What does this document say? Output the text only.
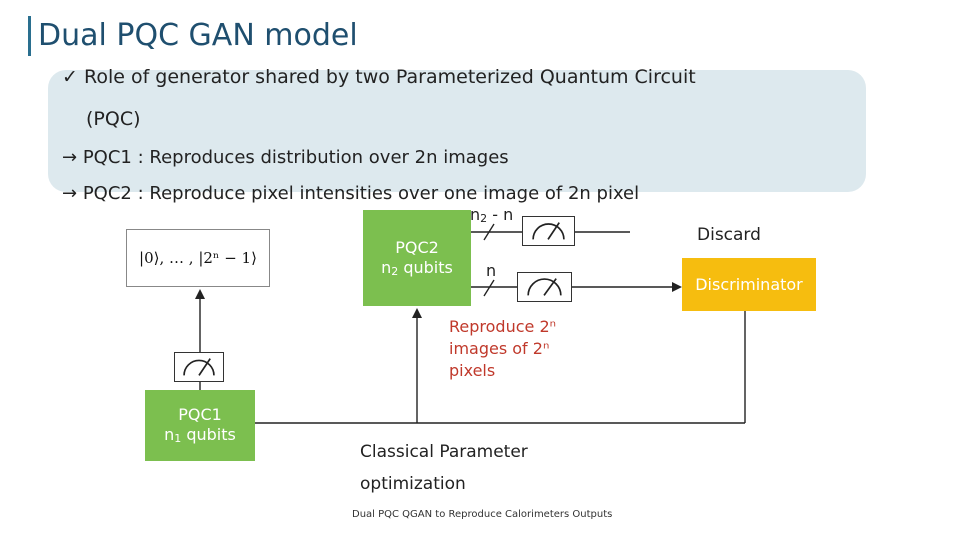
Dual PQC GAN model
✓ Role of generator shared by two Parameterized Quantum Circuit
(PQC)
→ PQC1 : Reproduces distribution over 2n images
→ PQC2 : Reproduce pixel intensities over one image of 2n pixel
|0⟩, … , |2ⁿ − 1⟩
PQC2
$n_2$ qubits
$n_2$ - n
n
Discard
Discriminator
Reproduce 2ⁿ
images of 2ⁿ
pixels
PQC1
$n_1$ qubits
Classical Parameter
optimization
Dual PQC QGAN to Reproduce Calorimeters Outputs
